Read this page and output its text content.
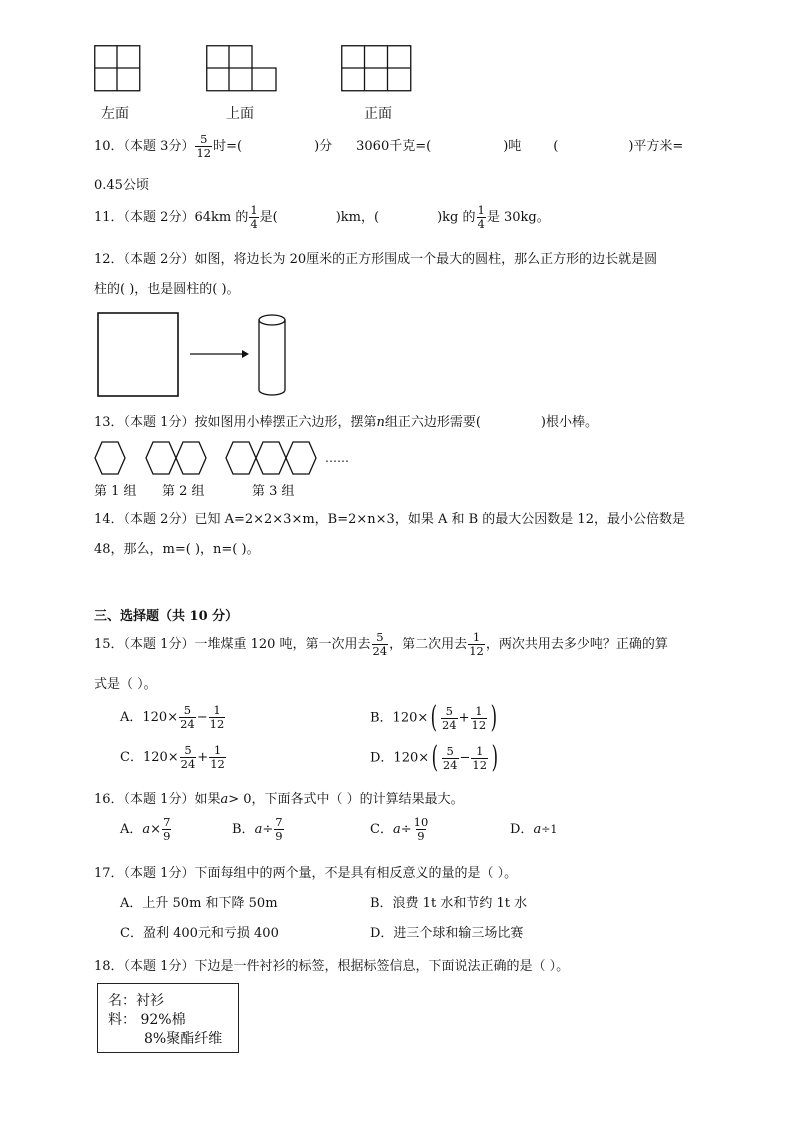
左面	上面	正面
10．（本题 3分） $\frac{5}{12}$ 时=(	)分 3060千克=(	)吨 (	)平方米=
0.45公顷
11．（本题 2分）64km 的 $\frac{1}{4}$ 是(	)km，(	)kg 的 $\frac{1}{4}$ 是 30kg。
12．（本题 2分）如图，将边长为 20厘米的正方形围成一个最大的圆柱，那么正方形的边长就是圆
柱的( )，也是圆柱的( )。
13．（本题 1分）按如图用小棒摆正六边形，摆第n组正六边形需要(	)根小棒。
……
第 1 组 第 2 组	第 3 组
14．（本题 2分）已知 A=2×2×3×m，B=2×n×3，如果 A 和 B 的最大公因数是 12，最小公倍数是
48，那么，m=( )，n=( )。
三、选择题（共 10 分）
15．（本题 1分）一堆煤重 120 吨，第一次用去 $\frac{5}{24}$ ，第二次用去 $\frac{1}{12}$ ，两次共用去多少吨？正确的算
式是（ ）。
A．$120\times \frac{5}{24} - \frac{1}{12}$	B．$120\times( \frac{5}{24} + \frac{1}{12}$ )
C．$120\times \frac{5}{24} + \frac{1}{12}$	D．$120\times( \frac{5}{24} - \frac{1}{12}$ )
16．（本题 1分）如果a> 0，下面各式中（ ）的计算结果最大。
A．$a\times \frac{7}{9}$	B．$a\div \frac{7}{9}$	C．$a\div \frac{10}{9}$	D．a÷1
17．（本题 1分）下面每组中的两个量，不是具有相反意义的量的是（ ）。
A．上升 50m 和下降 50m	B．浪费 1t 水和节约 1t 水
C．盈利 400元和亏损 400	D．进三个球和输三场比赛
18．（本题 1分）下边是一件衬衫的标签，根据标签信息，下面说法正确的是（ ）。
名：衬衫
料： 92%棉
8%聚酯纤维
